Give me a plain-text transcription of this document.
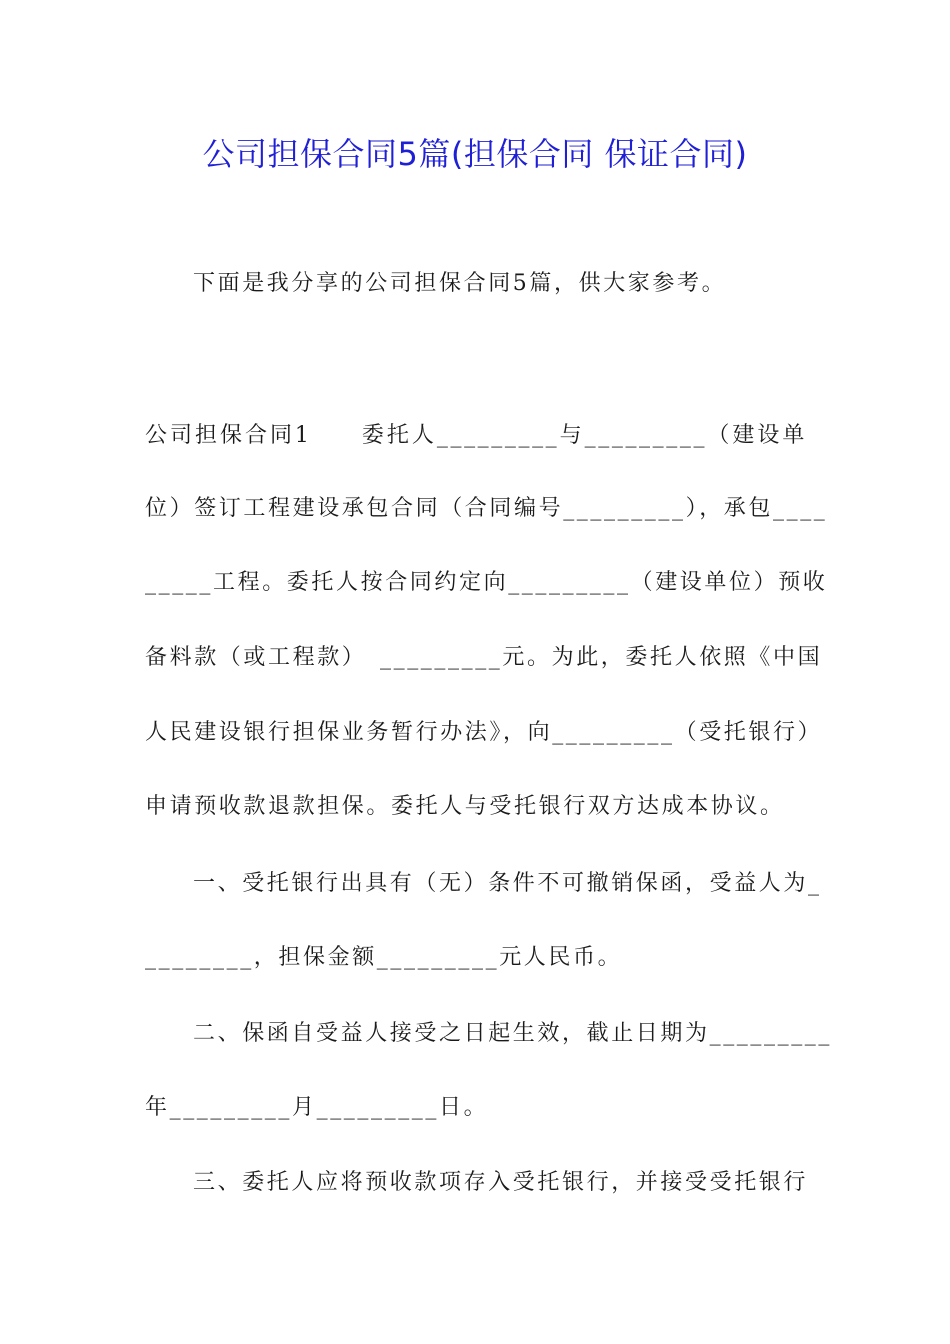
公司担保合同5篇(担保合同 保证合同)
下面是我分享的公司担保合同5篇，供大家参考。
公司担保合同1　　委托人_________与_________（建设单
位）签订工程建设承包合同（合同编号_________），承包____
_____工程。委托人按合同约定向_________（建设单位）预收
备料款（或工程款）　_________元。为此，委托人依照《中国
人民建设银行担保业务暂行办法》，向_________（受托银行）
申请预收款退款担保。委托人与受托银行双方达成本协议。
一、受托银行出具有（无）条件不可撤销保函，受益人为_
________，担保金额_________元人民币。
二、保函自受益人接受之日起生效，截止日期为_________
年_________月_________日。
三、委托人应将预收款项存入受托银行，并接受受托银行
